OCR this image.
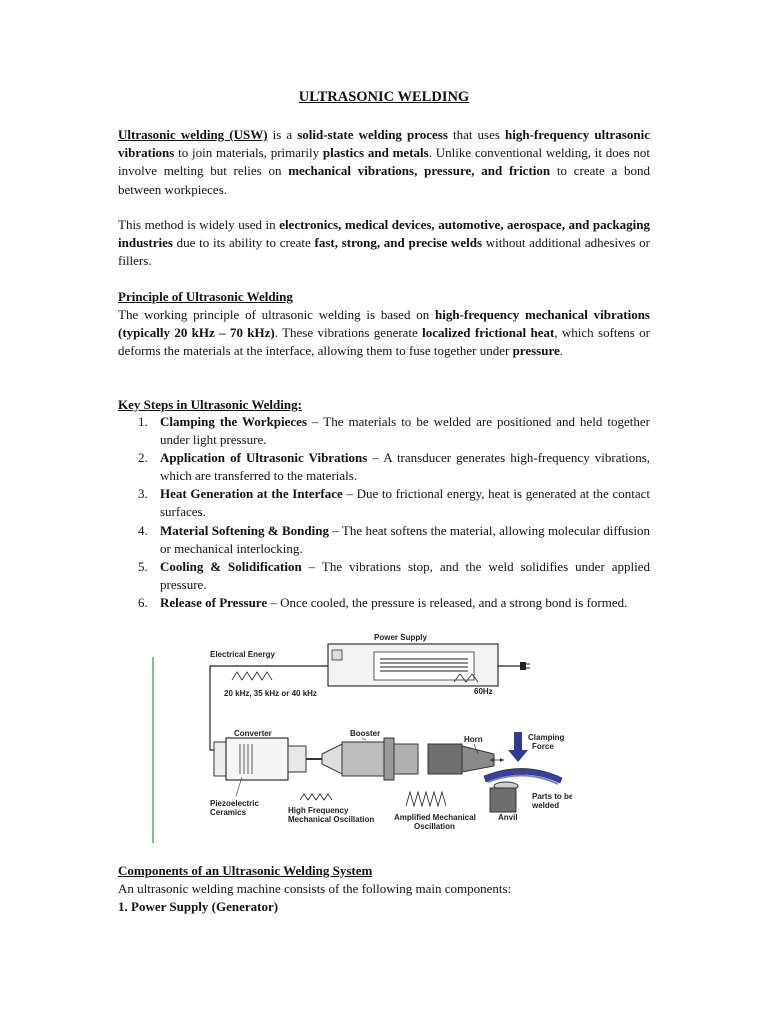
ULTRASONIC WELDING

Ultrasonic welding (USW) is a solid-state welding process that uses high-frequency ultrasonic vibrations to join materials, primarily plastics and metals. Unlike conventional welding, it does not involve melting but relies on mechanical vibrations, pressure, and friction to create a bond between workpieces.

This method is widely used in electronics, medical devices, automotive, aerospace, and packaging industries due to its ability to create fast, strong, and precise welds without additional adhesives or fillers.

Principle of Ultrasonic Welding

The working principle of ultrasonic welding is based on high-frequency mechanical vibrations (typically 20 kHz – 70 kHz). These vibrations generate localized frictional heat, which softens or deforms the materials at the interface, allowing them to fuse together under pressure.

Key Steps in Ultrasonic Welding:
1. Clamping the Workpieces – The materials to be welded are positioned and held together under light pressure.
2. Application of Ultrasonic Vibrations – A transducer generates high-frequency vibrations, which are transferred to the materials.
3. Heat Generation at the Interface – Due to frictional energy, heat is generated at the contact surfaces.
4. Material Softening & Bonding – The heat softens the material, allowing molecular diffusion or mechanical interlocking.
5. Cooling & Solidification – The vibrations stop, and the weld solidifies under applied pressure.
6. Release of Pressure – Once cooled, the pressure is released, and a strong bond is formed.
Components of an Ultrasonic Welding System

An ultrasonic welding machine consists of the following main components:

1. Power Supply (Generator)

Power Supply
Electrical Energy
20 kHz, 35 kHz or 40 kHz	60Hz
Converter
Piezoelectric
Ceramics
Booster
Horn	Clamping
Force
Parts to be
welded
Anvil
High Frequency
Mechanical Oscillation Amplified Mechanical
Oscillation
